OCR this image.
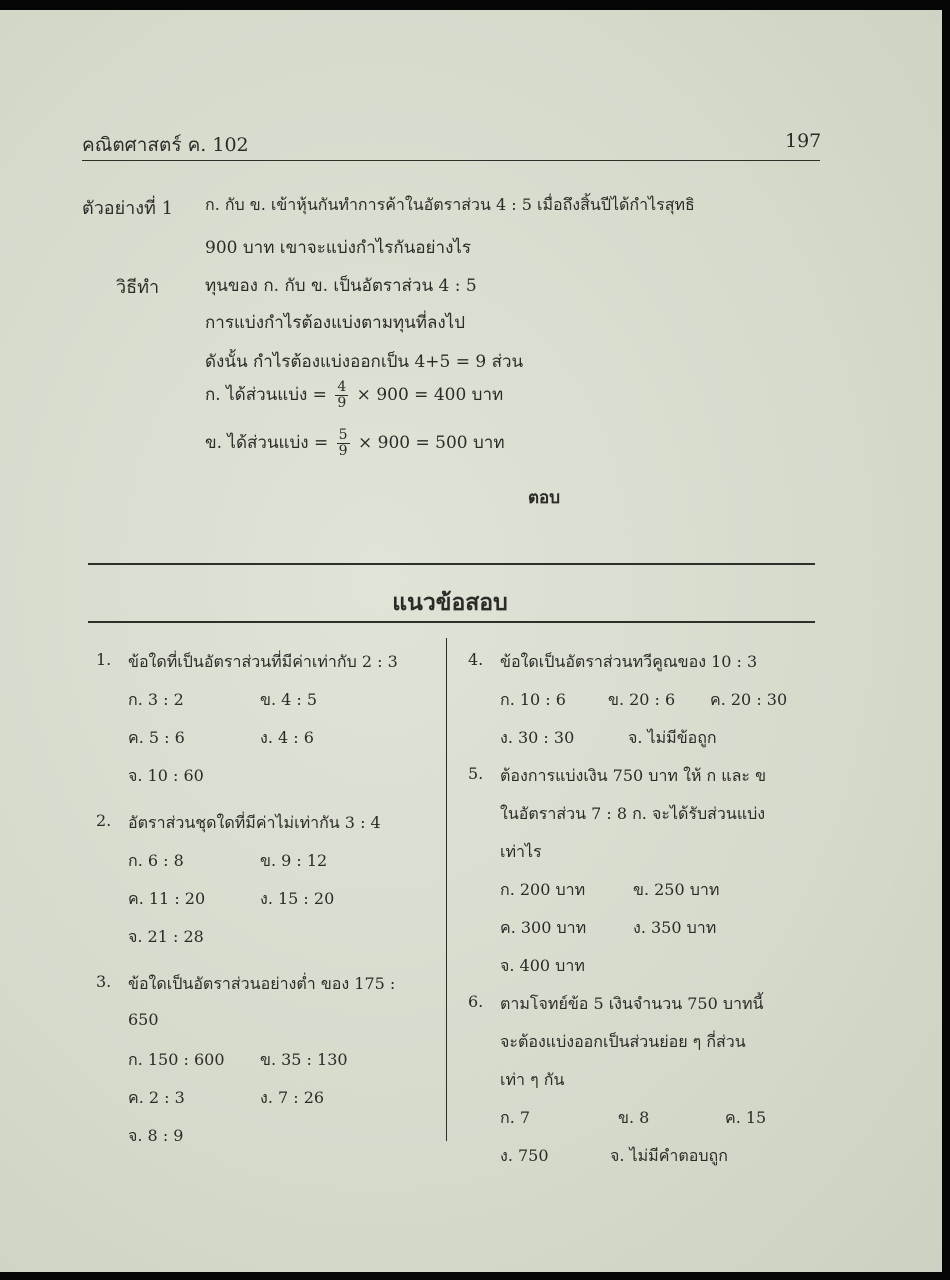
คณิตศาสตร์ ค. 102	197
ตัวอย่างที่ 1 ก. กับ ข. เข้าหุ้นกันทำการค้าในอัตราส่วน 4 : 5 เมื่อถึงสิ้นปีได้กำไรสุทธิ
900 บาท เขาจะแบ่งกำไรกันอย่างไร
วิธีทำ	ทุนของ ก. กับ ข. เป็นอัตราส่วน 4 : 5
การแบ่งกำไรต้องแบ่งตามทุนที่ลงไป
ดังนั้น กำไรต้องแบ่งออกเป็น 4+5 = 9 ส่วน
ก. ได้ส่วนแบ่ง = $\frac{4}{9} \times 900 = 400$ บาท
ข. ได้ส่วนแบ่ง = $\frac{5}{9} \times 900 = 500$ บาท
ตอบ
แนวข้อสอบ
1. ข้อใดที่เป็นอัตราส่วนที่มีค่าเท่ากับ 2 : 3
ก. 3 : 2	ข. 4 : 5
ค. 5 : 6	ง. 4 : 6
จ. 10 : 60
2. อัตราส่วนชุดใดที่มีค่าไม่เท่ากัน 3 : 4
ก. 6 : 8	ข. 9 : 12
ค. 11 : 20	ง. 15 : 20
จ. 21 : 28
3. ข้อใดเป็นอัตราส่วนอย่างต่ำ ของ 175 :
650
ก. 150 : 600 ข. 35 : 130
ค. 2 : 3	ง. 7 : 26
จ. 8 : 9
4. ข้อใดเป็นอัตราส่วนทวีคูณของ 10 : 3
ก. 10 : 6	ข. 20 : 6 ค. 20 : 30
ง. 30 : 30	จ. ไม่มีข้อถูก
5. ต้องการแบ่งเงิน 750 บาท ให้ ก และ ข
ในอัตราส่วน 7 : 8 ก. จะได้รับส่วนแบ่ง
เท่าไร
ก. 200 บาท	ข. 250 บาท
ค. 300 บาท	ง. 350 บาท
จ. 400 บาท
6. ตามโจทย์ข้อ 5 เงินจำนวน 750 บาทนี้
จะต้องแบ่งออกเป็นส่วนย่อย ๆ กี่ส่วน
เท่า ๆ กัน
ก. 7	ข. 8	ค. 15
ง. 750	จ. ไม่มีคำตอบถูก
